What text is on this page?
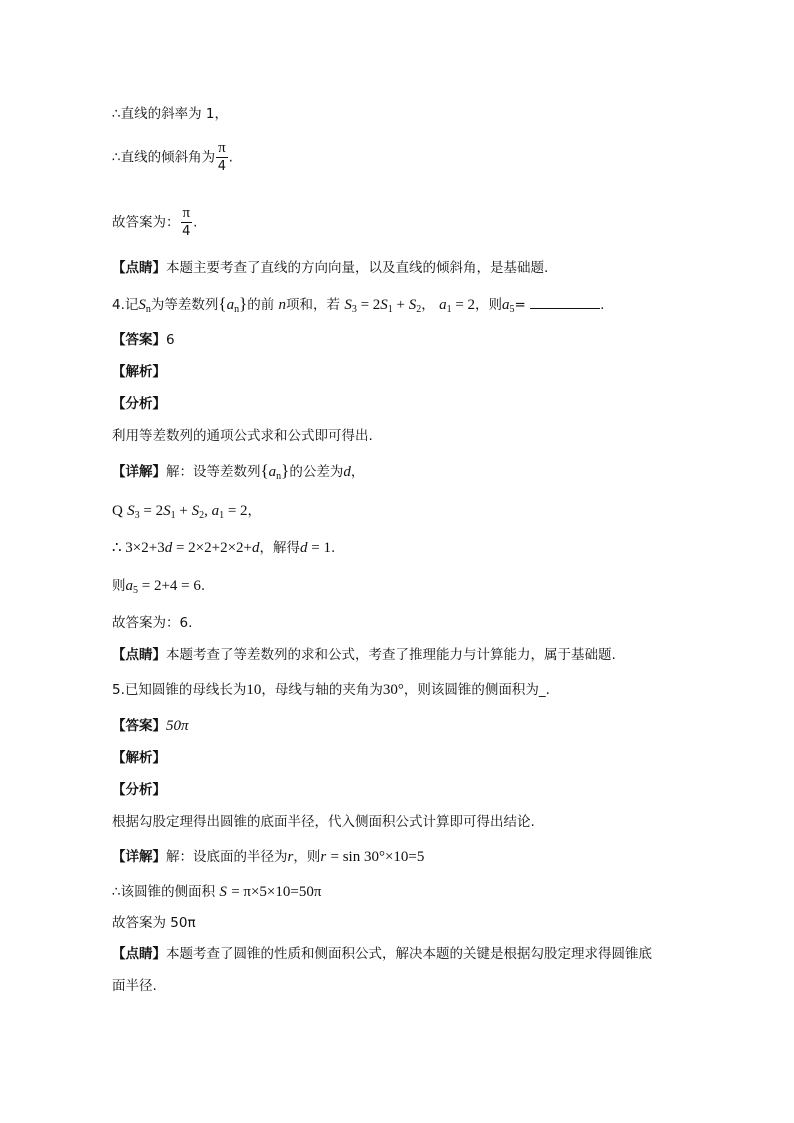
∴直线的斜率为 1，
∴直线的倾斜角为 $\frac{\pi}{4}$ .
故答案为： $\frac{\pi}{4}$ .
【点睛】本题主要考查了直线的方向向量，以及直线的倾斜角，是基础题.
4.记$S_n$为等差数列$\{a_n\}$的前 n项和，若 $S_3 = 2S_1 + S_2$， $a_1 = 2$，则$a_5=$	.
【答案】6
【解析】
【分析】
利用等差数列的通项公式求和公式即可得出.
【详解】解：设等差数列$\{a_n\}$的公差为d，
Q $S_3 = 2S_1 + S_2$, $a_1 = 2$，
∴ 3×2+3d = 2×2+2×2+d，解得d = 1.
则$a_5 = 2+4 = 6$.
故答案为：6.
【点睛】本题考查了等差数列的求和公式，考查了推理能力与计算能力，属于基础题.
5.已知圆锥的母线长为10，母线与轴的夹角为30°，则该圆锥的侧面积为_.
【答案】50π
【解析】
【分析】
根据勾股定理得出圆锥的底面半径，代入侧面积公式计算即可得出结论.
【详解】解：设底面的半径为r，则r = sin 30°×10=5
∴该圆锥的侧面积 S = π×5×10=50π
故答案为 50π
【点睛】本题考查了圆锥的性质和侧面积公式，解决本题的关键是根据勾股定理求得圆锥底
面半径.
